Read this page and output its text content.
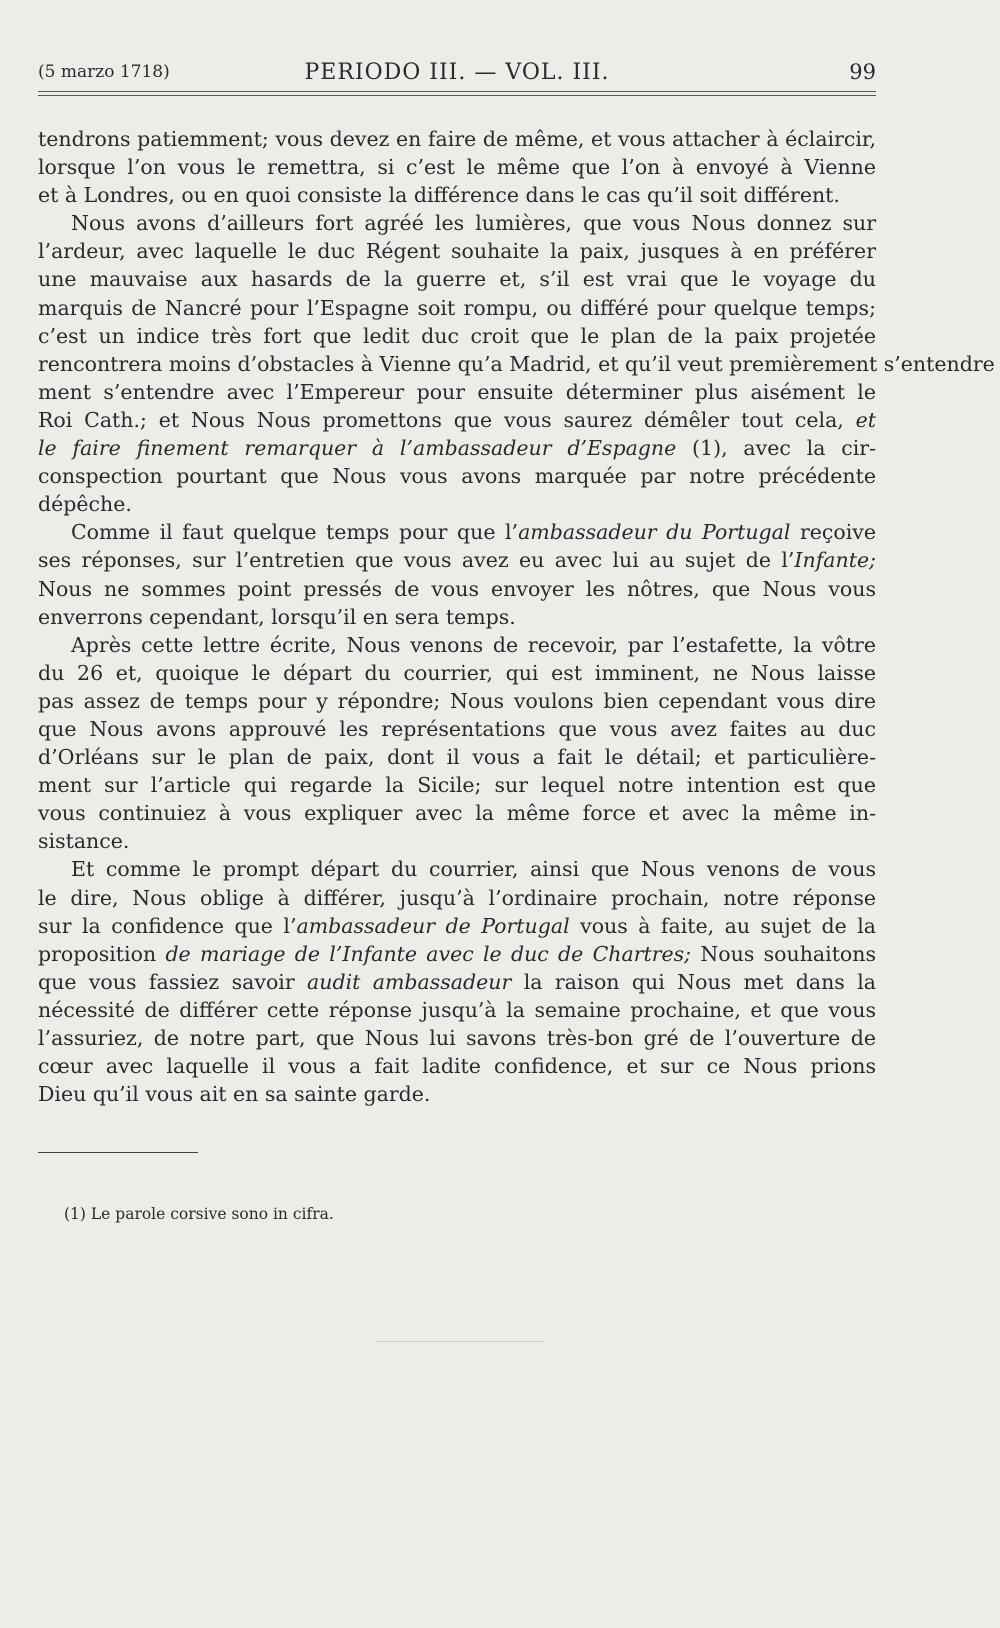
(5 marzo 1718)	PERIODO III. — VOL. III.	99
tendrons patiemment; vous devez en faire de même, et vous attacher à éclaircir,
lorsque l’on vous le remettra, si c’est le même que l’on à envoyé à Vienne
et à Londres, ou en quoi consiste la différence dans le cas qu’il soit différent.
Nous avons d’ailleurs fort agréé les lumières, que vous Nous donnez sur
l’ardeur, avec laquelle le duc Régent souhaite la paix, jusques à en préférer
une mauvaise aux hasards de la guerre et, s’il est vrai que le voyage du
marquis de Nancré pour l’Espagne soit rompu, ou différé pour quelque temps;
c’est un indice très fort que ledit duc croit que le plan de la paix projetée
rencontrera moins d’obstacles à Vienne qu’a Madrid, et qu’il veut premièrement s’entendre
ment s’entendre avec l’Empereur pour ensuite déterminer plus aisément le
Roi Cath.; et Nous Nous promettons que vous saurez démêler tout cela, et
le faire finement remarquer à l’ambassadeur d’Espagne (1), avec la cir-
conspection pourtant que Nous vous avons marquée par notre précédente
dépêche.
Comme il faut quelque temps pour que l’ambassadeur du Portugal reçoive
ses réponses, sur l’entretien que vous avez eu avec lui au sujet de l’Infante;
Nous ne sommes point pressés de vous envoyer les nôtres, que Nous vous
enverrons cependant, lorsqu’il en sera temps.
Après cette lettre écrite, Nous venons de recevoir, par l’estafette, la vôtre
du 26 et, quoique le départ du courrier, qui est imminent, ne Nous laisse
pas assez de temps pour y répondre; Nous voulons bien cependant vous dire
que Nous avons approuvé les représentations que vous avez faites au duc
d’Orléans sur le plan de paix, dont il vous a fait le détail; et particulière-
ment sur l’article qui regarde la Sicile; sur lequel notre intention est que
vous continuiez à vous expliquer avec la même force et avec la même in-
sistance.
Et comme le prompt départ du courrier, ainsi que Nous venons de vous
le dire, Nous oblige à différer, jusqu’à l’ordinaire prochain, notre réponse
sur la confidence que l’ambassadeur de Portugal vous à faite, au sujet de la
proposition de mariage de l’Infante avec le duc de Chartres; Nous souhaitons
que vous fassiez savoir audit ambassadeur la raison qui Nous met dans la
nécessité de différer cette réponse jusqu’à la semaine prochaine, et que vous
l’assuriez, de notre part, que Nous lui savons très-bon gré de l’ouverture de
cœur avec laquelle il vous a fait ladite confidence, et sur ce Nous prions
Dieu qu’il vous ait en sa sainte garde.
(1) Le parole corsive sono in cifra.
